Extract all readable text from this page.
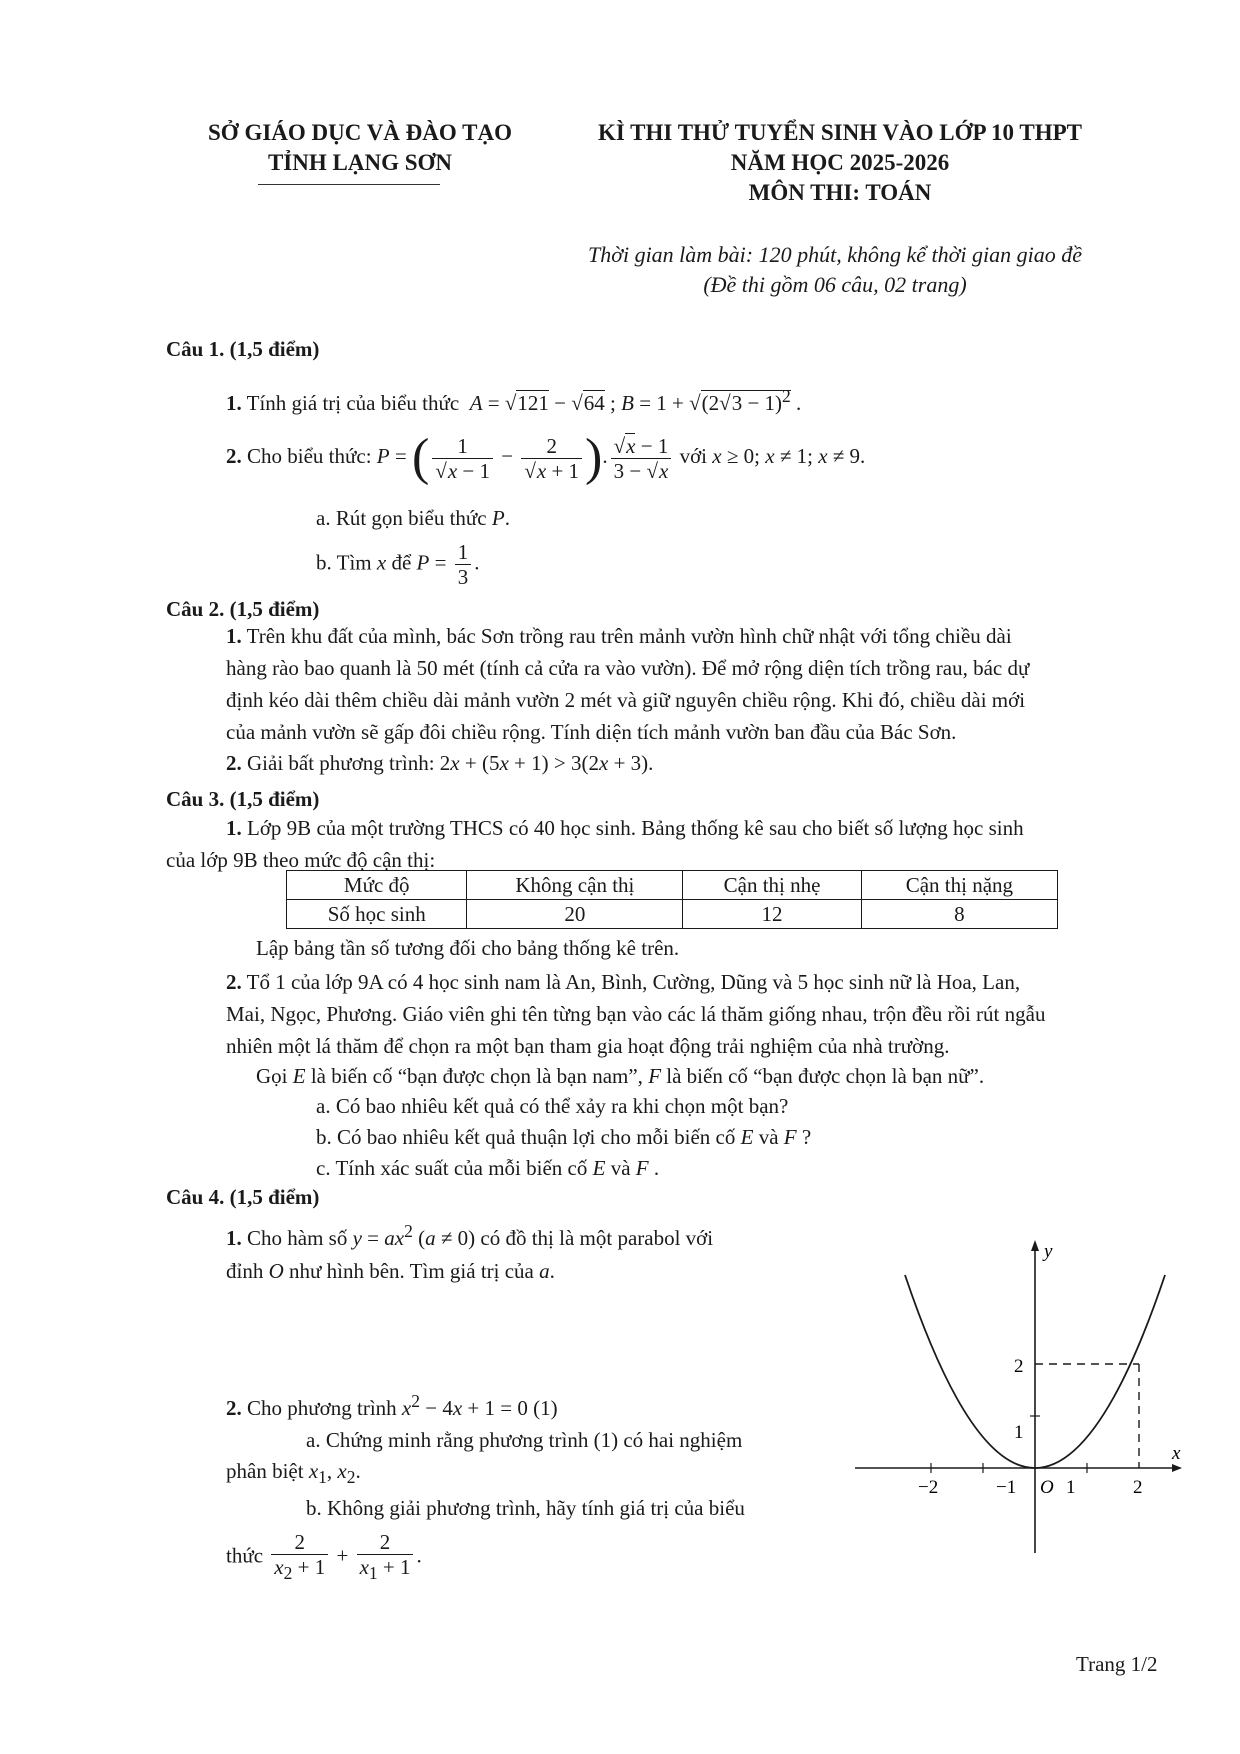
SỞ GIÁO DỤC VÀ ĐÀO TẠO
TỈNH LẠNG SƠN
KÌ THI THỬ TUYỂN SINH VÀO LỚP 10 THPT
NĂM HỌC 2025-2026
MÔN THI: TOÁN
Thời gian làm bài: 120 phút, không kể thời gian giao đề
(Đề thi gồm 06 câu, 02 trang)
Câu 1. (1,5 điểm)
1. Tính giá trị của biểu thức A = √121 − √64 ; $B = 1 + √(2√3 - 1)^2$ .
2. Cho biểu thức: P = ( $\frac{1}{√x - 1} - \frac{2}{√x + 1}$ ). $\frac{√x - 1}{3 - √x}$ với x ≥ 0; x ≠ 1; x ≠ 9.
a. Rút gọn biểu thức P.
b. Tìm x để $P = \frac{1}{3}$ .
Câu 2. (1,5 điểm)
1. Trên khu đất của mình, bác Sơn trồng rau trên mảnh vườn hình chữ nhật với tổng chiều dài
hàng rào bao quanh là 50 mét (tính cả cửa ra vào vườn). Để mở rộng diện tích trồng rau, bác dự
định kéo dài thêm chiều dài mảnh vườn 2 mét và giữ nguyên chiều rộng. Khi đó, chiều dài mới
của mảnh vườn sẽ gấp đôi chiều rộng. Tính diện tích mảnh vườn ban đầu của Bác Sơn.
2. Giải bất phương trình: 2x + (5x + 1) > 3(2x + 3).
Câu 3. (1,5 điểm)
1. Lớp 9B của một trường THCS có 40 học sinh. Bảng thống kê sau cho biết số lượng học sinh
của lớp 9B theo mức độ cận thị:
Mức độ	Không cận thị	Cận thị nhẹ	Cận thị nặng
Số học sinh	20	12	8
Lập bảng tần số tương đối cho bảng thống kê trên.
2. Tổ 1 của lớp 9A có 4 học sinh nam là An, Bình, Cường, Dũng và 5 học sinh nữ là Hoa, Lan,
Mai, Ngọc, Phương. Giáo viên ghi tên từng bạn vào các lá thăm giống nhau, trộn đều rồi rút ngẫu
nhiên một lá thăm để chọn ra một bạn tham gia hoạt động trải nghiệm của nhà trường.
Gọi E là biến cố “bạn được chọn là bạn nam”, F là biến cố “bạn được chọn là bạn nữ”.
a. Có bao nhiêu kết quả có thể xảy ra khi chọn một bạn?
b. Có bao nhiêu kết quả thuận lợi cho mỗi biến cố E và F ?
c. Tính xác suất của mỗi biến cố E và F .
Câu 4. (1,5 điểm)
1. Cho hàm số $y = ax^2$ (a ≠ 0) có đồ thị là một parabol với
đỉnh O như hình bên. Tìm giá trị của a.
2. Cho phương trình $x^2 - 4x + 1 = 0$ (1)
a. Chứng minh rằng phương trình (1) có hai nghiệm
phân biệt $x_1$, $x_2$.
b. Không giải phương trình, hãy tính giá trị của biểu
thức $\frac{2}{x_2 + 1} + \frac{2}{x_1 + 1}$ .
x
y
O
−2	−1	1	2
1
2
Trang 1/2
